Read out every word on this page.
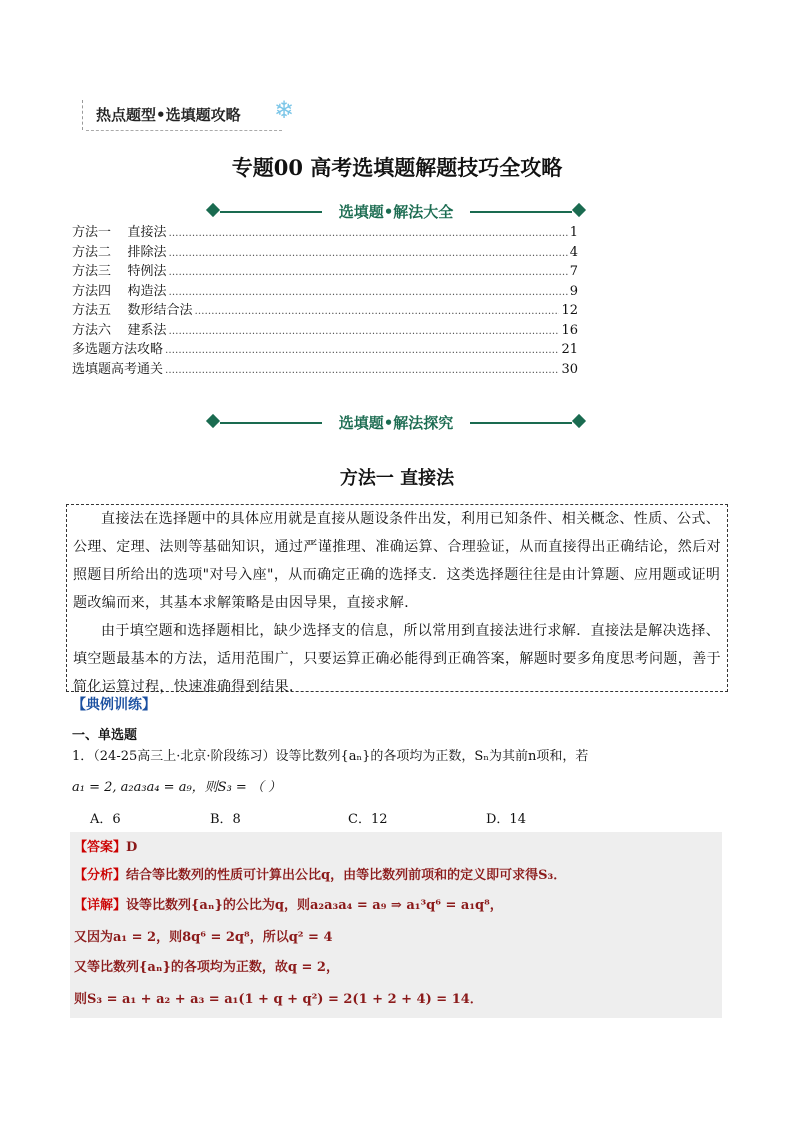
热点题型•选填题攻略 ❄
专题00 高考选填题解题技巧全攻略
选填题•解法大全
方法一    直接法 ……………………………………………………………………………………………………………………………………………………………………………………………………	1
方法二    排除法 ……………………………………………………………………………………………………………………………………………………………………………………………………	4
方法三    特例法 ……………………………………………………………………………………………………………………………………………………………………………………………………	7
方法四    构造法 ……………………………………………………………………………………………………………………………………………………………………………………………………	9
方法五    数形结合法 ……………………………………………………………………………………………………………………………………………………………………………………………………	12
方法六    建系法 ……………………………………………………………………………………………………………………………………………………………………………………………………	16
多选题方法攻略 ……………………………………………………………………………………………………………………………………………………………………………………………………	21
选填题高考通关 ……………………………………………………………………………………………………………………………………………………………………………………………………	30
选填题•解法探究
方法一 直接法

直接法在选择题中的具体应用就是直接从题设条件出发，利用已知条件、相关概念、性质、公式、公理、定理、法则等基础知识，通过严谨推理、准确运算、合理验证，从而直接得出正确结论，然后对照题目所给出的选项"对号入座"，从而确定正确的选择支．这类选择题往往是由计算题、应用题或证明题改编而来，其基本求解策略是由因导果，直接求解．

由于填空题和选择题相比，缺少选择支的信息，所以常用到直接法进行求解．直接法是解决选择、填空题最基本的方法，适用范围广，只要运算正确必能得到正确答案，解题时要多角度思考问题，善于简化运算过程，快速准确得到结果．

【典例训练】
一、单选题
1．（24-25高三上·北京·阶段练习）设等比数列{aₙ}的各项均为正数，Sₙ为其前n项和，若
a₁ = 2, a₂a₃a₄ = a₉，则S₃ = （ ）
A．6	B．8	C．12	D．14
【答案】D
【分析】结合等比数列的性质可计算出公比q，由等比数列前项和的定义即可求得S₃．
【详解】设等比数列{aₙ}的公比为q，则a₂a₃a₄ = a₉ ⇒ a₁³q⁶ = a₁q⁸，
又因为a₁ = 2，则8q⁶ = 2q⁸，所以q² = 4
又等比数列{aₙ}的各项均为正数，故q = 2，
则S₃ = a₁ + a₂ + a₃ = a₁(1 + q + q²) = 2(1 + 2 + 4) = 14．
